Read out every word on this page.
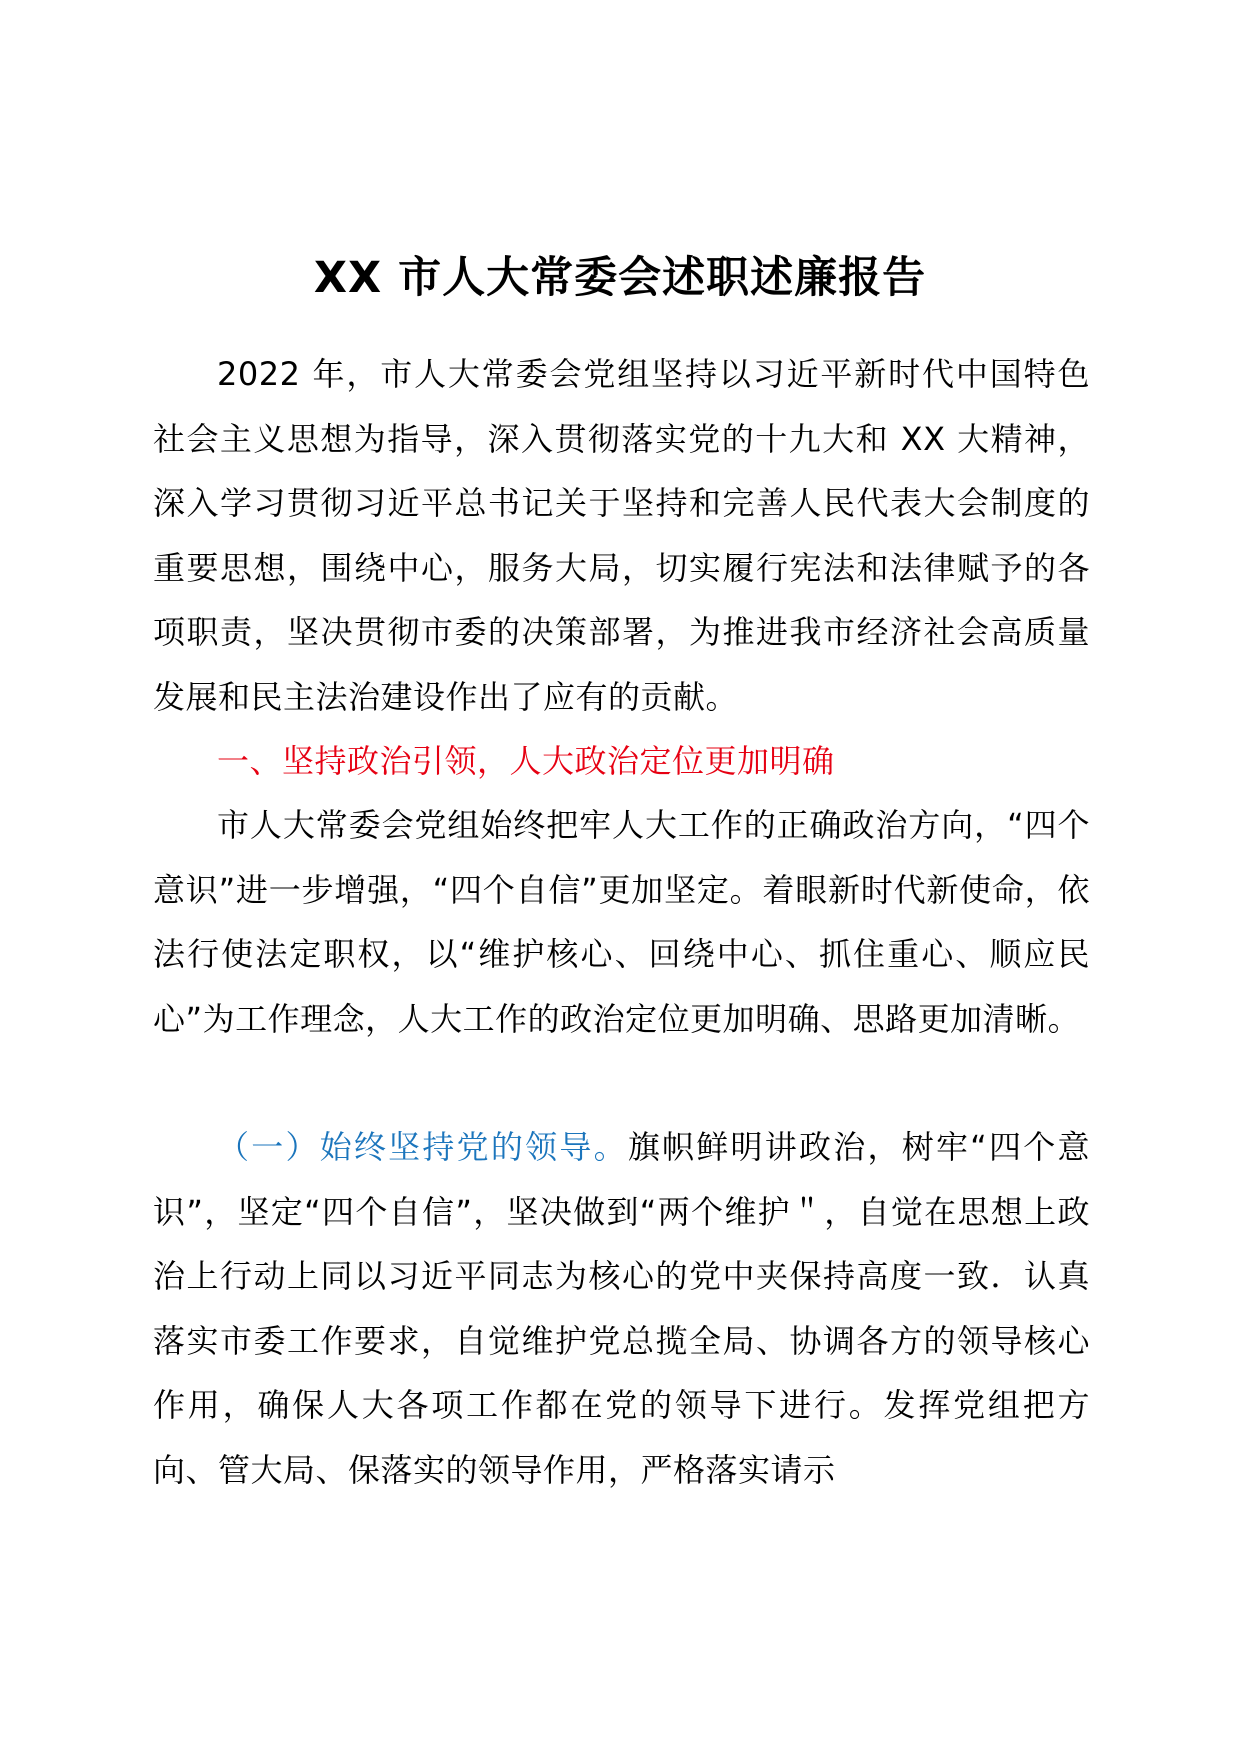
XX 市人大常委会述职述廉报告

2022 年，市人大常委会党组坚持以习近平新时代中国特色社会主义思想为指导，深入贯彻落实党的十九大和 XX 大精神，深入学习贯彻习近平总书记关于坚持和完善人民代表大会制度的重要思想，围绕中心，服务大局，切实履行宪法和法律赋予的各项职责，坚决贯彻市委的决策部署，为推进我市经济社会高质量发展和民主法治建设作出了应有的贡献。

一、坚持政治引领，人大政治定位更加明确

市人大常委会党组始终把牢人大工作的正确政治方向，“四个意识”进一步增强，“四个自信”更加坚定。着眼新时代新使命，依法行使法定职权，以“维护核心、回绕中心、抓住重心、顺应民心”为工作理念，人大工作的政治定位更加明确、思路更加清晰。

（一）始终坚持党的领导。旗帜鲜明讲政治，树牢“四个意识”，坚定“四个自信”，坚决做到“两个维护＂，自觉在思想上政治上行动上同以习近平同志为核心的党中夹保持高度一致．认真落实市委工作要求，自觉维护党总揽全局、协调各方的领导核心作用，确保人大各项工作都在党的领导下进行。发挥党组把方向、管大局、保落实的领导作用，严格落实请示
